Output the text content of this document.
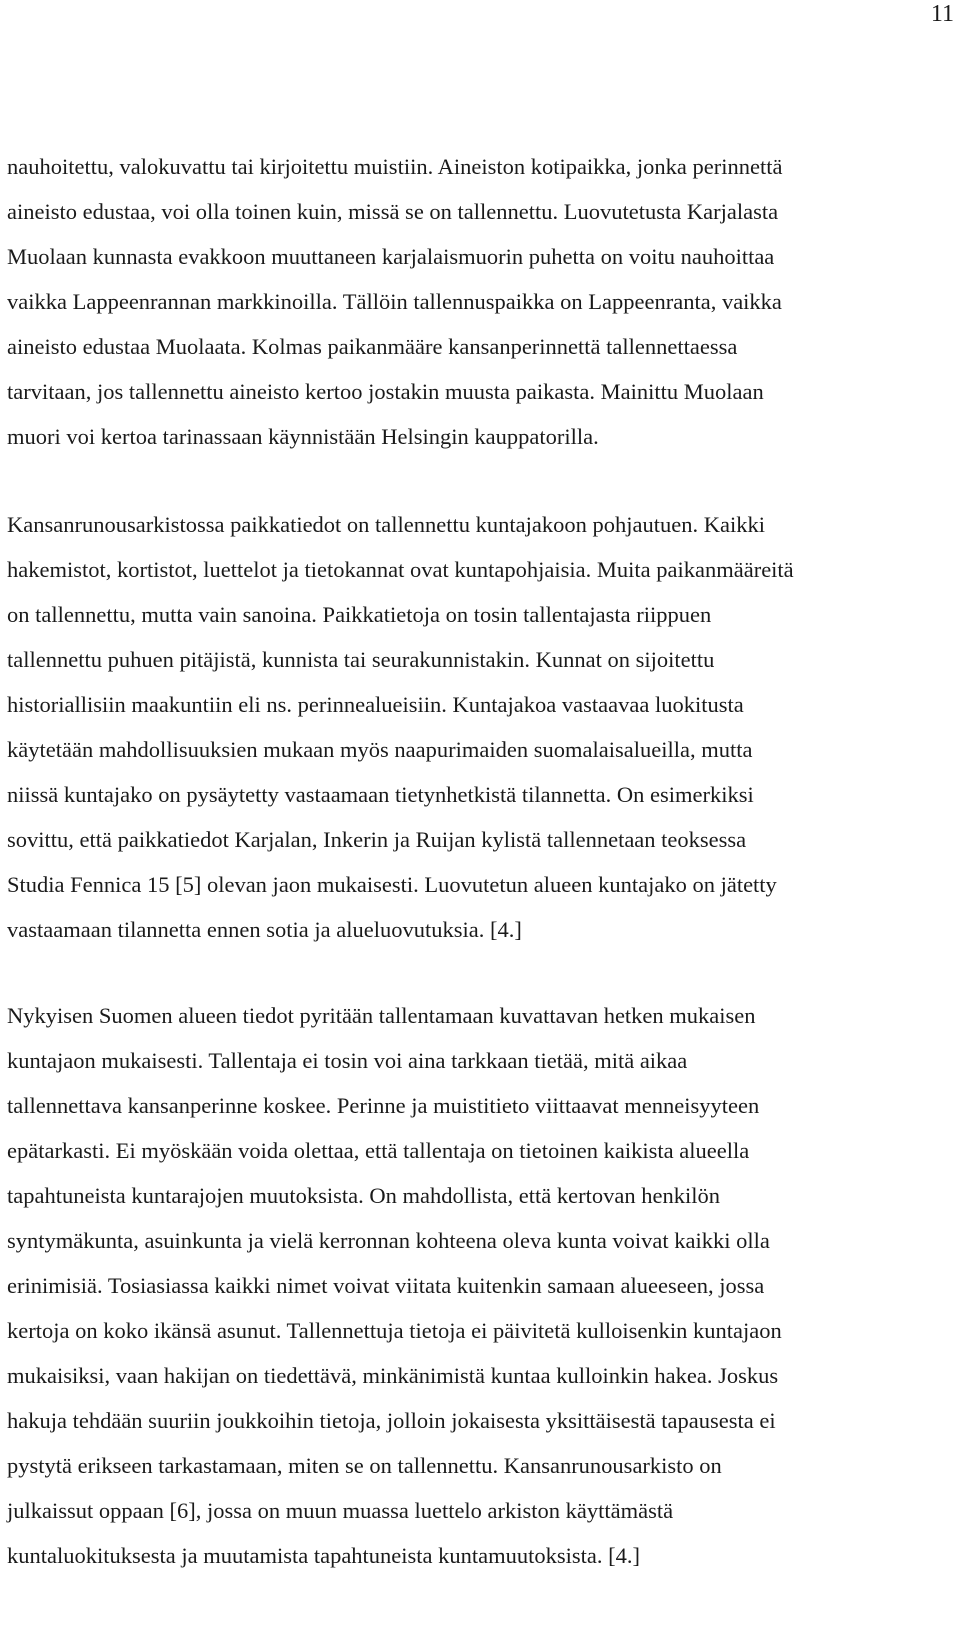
11
nauhoitettu, valokuvattu tai kirjoitettu muistiin. Aineiston kotipaikka, jonka perinnettä
aineisto edustaa, voi olla toinen kuin, missä se on tallennettu. Luovutetusta Karjalasta
Muolaan kunnasta evakkoon muuttaneen karjalaismuorin puhetta on voitu nauhoittaa
vaikka Lappeenrannan markkinoilla. Tällöin tallennuspaikka on Lappeenranta, vaikka
aineisto edustaa Muolaata. Kolmas paikanmääre kansanperinnettä tallennettaessa
tarvitaan, jos tallennettu aineisto kertoo jostakin muusta paikasta. Mainittu Muolaan
muori voi kertoa tarinassaan käynnistään Helsingin kauppatorilla.
Kansanrunousarkistossa paikkatiedot on tallennettu kuntajakoon pohjautuen. Kaikki
hakemistot, kortistot, luettelot ja tietokannat ovat kuntapohjaisia. Muita paikanmääreitä
on tallennettu, mutta vain sanoina. Paikkatietoja on tosin tallentajasta riippuen
tallennettu puhuen pitäjistä, kunnista tai seurakunnistakin. Kunnat on sijoitettu
historiallisiin maakuntiin eli ns. perinnealueisiin. Kuntajakoa vastaavaa luokitusta
käytetään mahdollisuuksien mukaan myös naapurimaiden suomalaisalueilla, mutta
niissä kuntajako on pysäytetty vastaamaan tietynhetkistä tilannetta. On esimerkiksi
sovittu, että paikkatiedot Karjalan, Inkerin ja Ruijan kylistä tallennetaan teoksessa
Studia Fennica 15 [5] olevan jaon mukaisesti. Luovutetun alueen kuntajako on jätetty
vastaamaan tilannetta ennen sotia ja alueluovutuksia. [4.]
Nykyisen Suomen alueen tiedot pyritään tallentamaan kuvattavan hetken mukaisen
kuntajaon mukaisesti. Tallentaja ei tosin voi aina tarkkaan tietää, mitä aikaa
tallennettava kansanperinne koskee. Perinne ja muistitieto viittaavat menneisyyteen
epätarkasti. Ei myöskään voida olettaa, että tallentaja on tietoinen kaikista alueella
tapahtuneista kuntarajojen muutoksista. On mahdollista, että kertovan henkilön
syntymäkunta, asuinkunta ja vielä kerronnan kohteena oleva kunta voivat kaikki olla
erinimisiä. Tosiasiassa kaikki nimet voivat viitata kuitenkin samaan alueeseen, jossa
kertoja on koko ikänsä asunut. Tallennettuja tietoja ei päivitetä kulloisenkin kuntajaon
mukaisiksi, vaan hakijan on tiedettävä, minkänimistä kuntaa kulloinkin hakea. Joskus
hakuja tehdään suuriin joukkoihin tietoja, jolloin jokaisesta yksittäisestä tapausesta ei
pystytä erikseen tarkastamaan, miten se on tallennettu. Kansanrunousarkisto on
julkaissut oppaan [6], jossa on muun muassa luettelo arkiston käyttämästä
kuntaluokituksesta ja muutamista tapahtuneista kuntamuutoksista. [4.]
